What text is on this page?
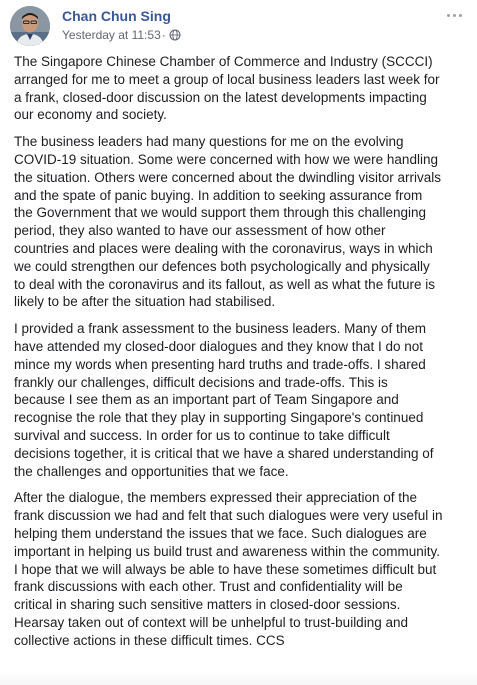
Chan Chun Sing
Yesterday at 11:53 ·

The Singapore Chinese Chamber of Commerce and Industry (SCCCI)
arranged for me to meet a group of local business leaders last week for
a frank, closed-door discussion on the latest developments impacting
our economy and society.

The business leaders had many questions for me on the evolving
COVID-19 situation. Some were concerned with how we were handling
the situation. Others were concerned about the dwindling visitor arrivals
and the spate of panic buying. In addition to seeking assurance from
the Government that we would support them through this challenging
period, they also wanted to have our assessment of how other
countries and places were dealing with the coronavirus, ways in which
we could strengthen our defences both psychologically and physically
to deal with the coronavirus and its fallout, as well as what the future is
likely to be after the situation had stabilised.

I provided a frank assessment to the business leaders. Many of them
have attended my closed-door dialogues and they know that I do not
mince my words when presenting hard truths and trade-offs. I shared
frankly our challenges, difficult decisions and trade-offs. This is
because I see them as an important part of Team Singapore and
recognise the role that they play in supporting Singapore's continued
survival and success. In order for us to continue to take difficult
decisions together, it is critical that we have a shared understanding of
the challenges and opportunities that we face.

After the dialogue, the members expressed their appreciation of the
frank discussion we had and felt that such dialogues were very useful in
helping them understand the issues that we face. Such dialogues are
important in helping us build trust and awareness within the community.
I hope that we will always be able to have these sometimes difficult but
frank discussions with each other. Trust and confidentiality will be
critical in sharing such sensitive matters in closed-door sessions.
Hearsay taken out of context will be unhelpful to trust-building and
collective actions in these difficult times. CCS
